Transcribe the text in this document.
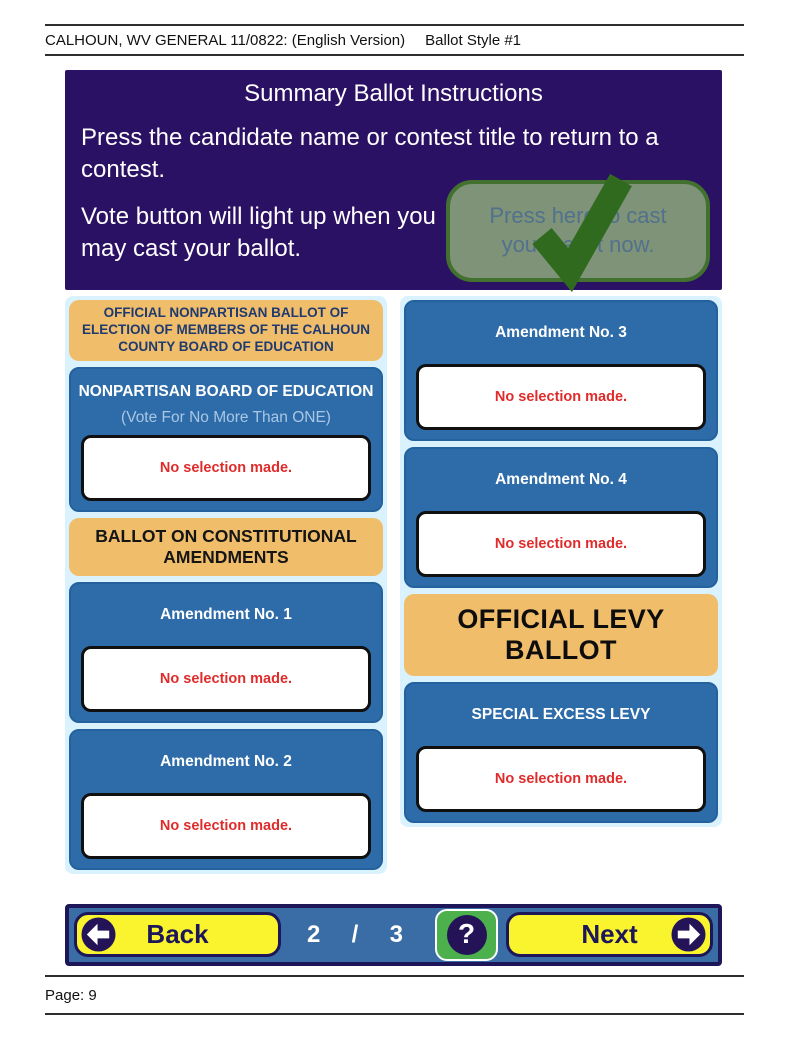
CALHOUN, WV GENERAL 11/0822: (English Version) Ballot Style #1
Summary Ballot Instructions
Press the candidate name or contest title to return to a contest.
Vote button will light up when you may cast your ballot.
Press here to cast your ballot now.
OFFICIAL NONPARTISAN BALLOT OF ELECTION OF MEMBERS OF THE CALHOUN COUNTY BOARD OF EDUCATION
NONPARTISAN BOARD OF EDUCATION
(Vote For No More Than ONE)
No selection made.
BALLOT ON CONSTITUTIONAL AMENDMENTS
Amendment No. 1
No selection made.
Amendment No. 2
No selection made.
Amendment No. 3
No selection made.
Amendment No. 4
No selection made.
OFFICIAL LEVY BALLOT
SPECIAL EXCESS LEVY
No selection made.
Back	2 / 3	?	Next
Page: 9
